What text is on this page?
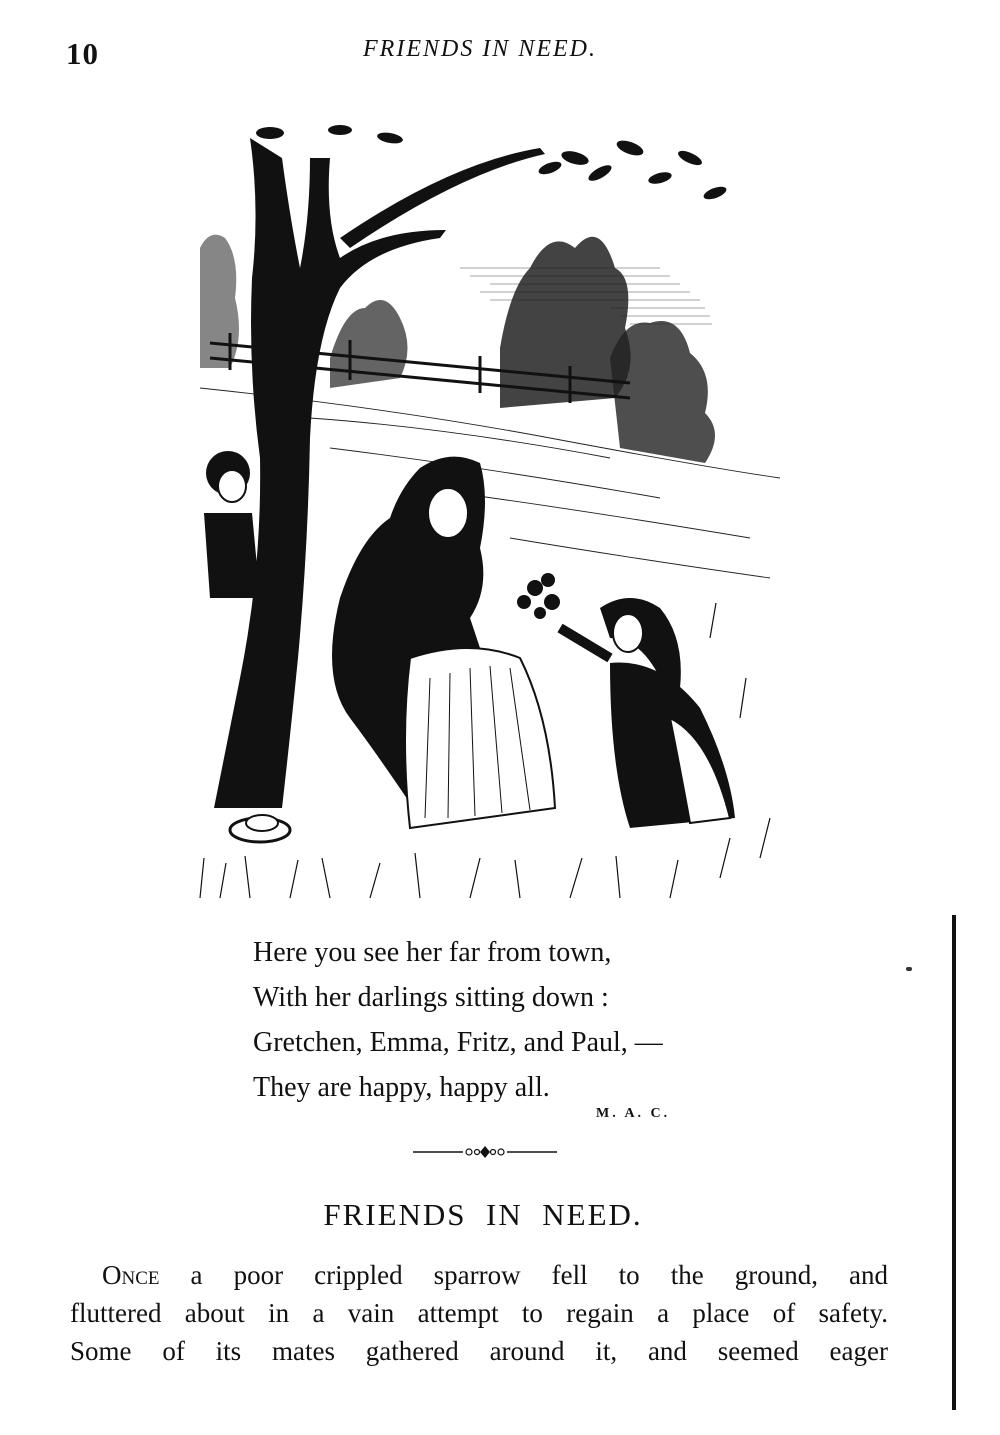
10	FRIENDS IN NEED.
Here you see her far from town,
With her darlings sitting down :
Gretchen, Emma, Fritz, and Paul, —
They are happy, happy all.
M. A. C.
FRIENDS  IN  NEED.
Once a poor crippled sparrow fell to the ground, and
fluttered about in a vain attempt to regain a place of safety.
Some of its mates gathered around it, and seemed eager
